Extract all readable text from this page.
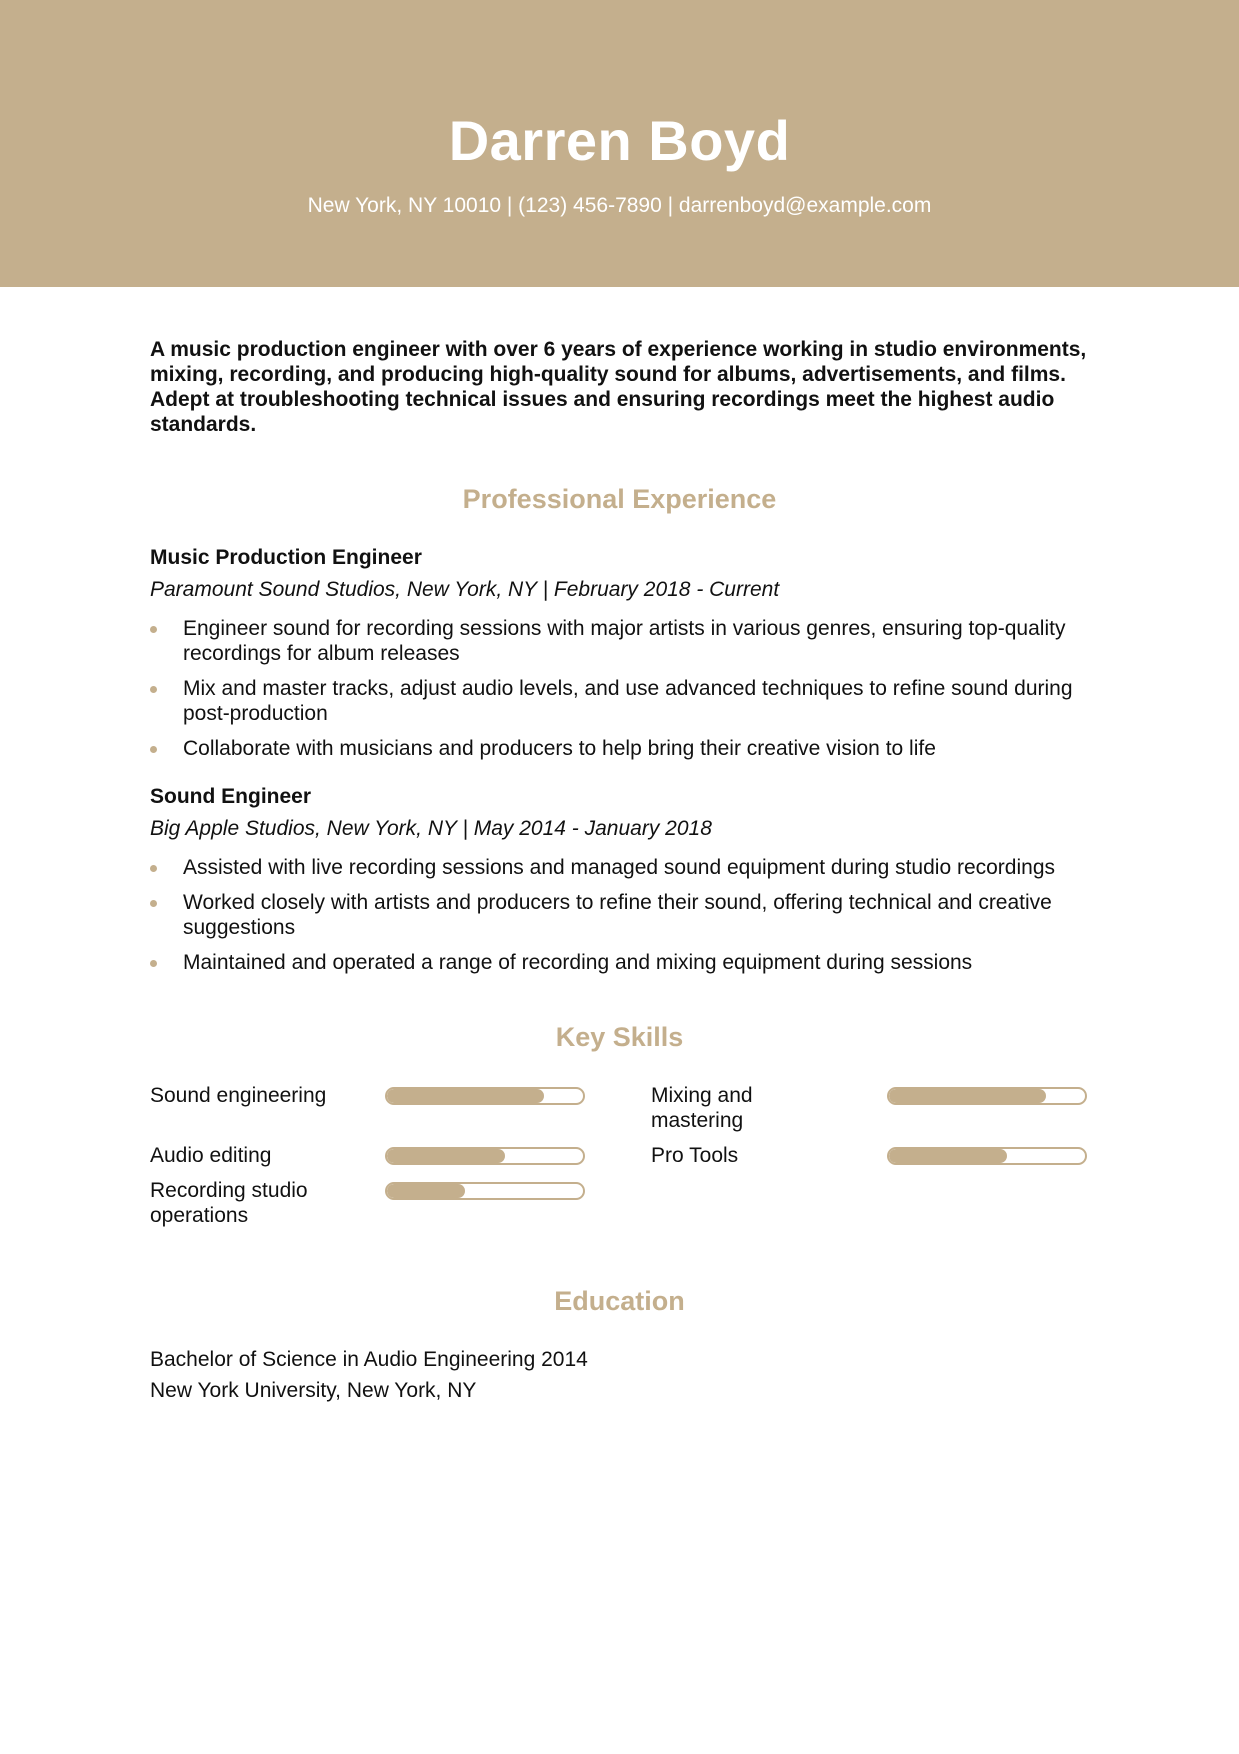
Darren Boyd
New York, NY 10010 | (123) 456-7890 | darrenboyd@example.com
A music production engineer with over 6 years of experience working in studio environments, mixing, recording, and producing high-quality sound for albums, advertisements, and films. Adept at troubleshooting technical issues and ensuring recordings meet the highest audio standards.
Professional Experience
Music Production Engineer
Paramount Sound Studios, New York, NY | February 2018 - Current
Engineer sound for recording sessions with major artists in various genres, ensuring top-quality recordings for album releases
Mix and master tracks, adjust audio levels, and use advanced techniques to refine sound during post-production
Collaborate with musicians and producers to help bring their creative vision to life
Sound Engineer
Big Apple Studios, New York, NY | May 2014 - January 2018
Assisted with live recording sessions and managed sound equipment during studio recordings
Worked closely with artists and producers to refine their sound, offering technical and creative suggestions
Maintained and operated a range of recording and mixing equipment during sessions
Key Skills
Sound engineering	Mixing and mastering
Audio editing	Pro Tools
Recording studio operations
Education
Bachelor of Science in Audio Engineering 2014
New York University, New York, NY
